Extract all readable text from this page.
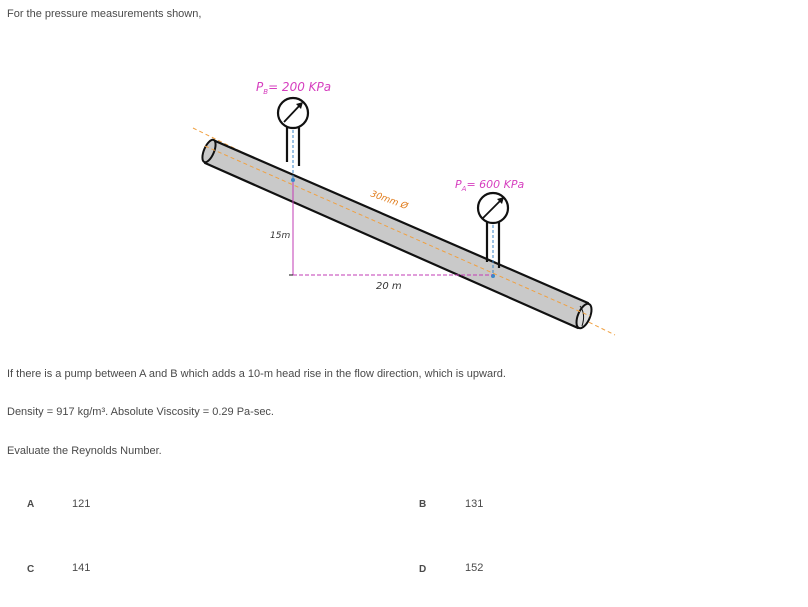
For the pressure measurements shown,
$P_B= 200$ KPa
$P_A= 600$ KPa
30mm Ø
15m
20 m
If there is a pump between A and B which adds a 10-m head rise in the flow direction, which is upward.
Density = 917 kg/m³. Absolute Viscosity = 0.29 Pa-sec.
Evaluate the Reynolds Number.
A	121	B	131
C	141	D	152
